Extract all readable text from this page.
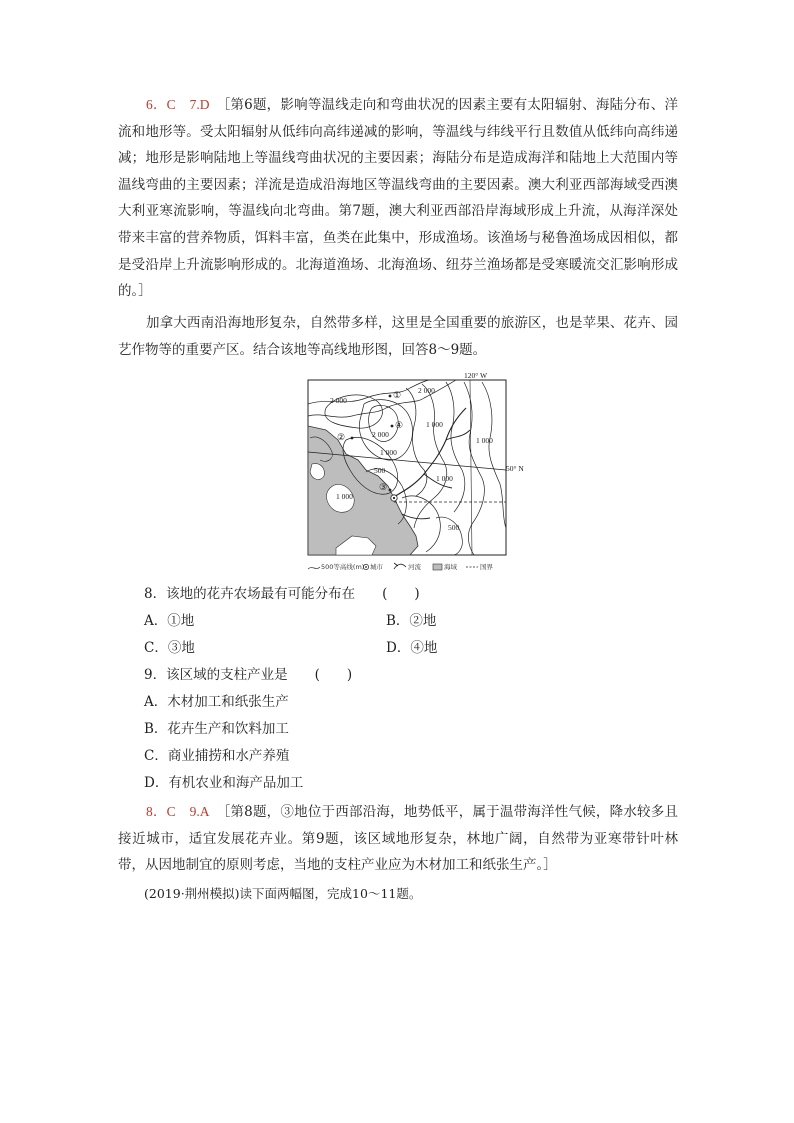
6．C　 7.D　 ［第6题，影响等温线走向和弯曲状况的因素主要有太阳辐射、海陆分布、洋流和地形等。受太阳辐射从低纬向高纬递减的影响，等温线与纬线平行且数值从低纬向高纬递减；地形是影响陆地上等温线弯曲状况的主要因素；海陆分布是造成海洋和陆地上大范围内等温线弯曲的主要因素；洋流是造成沿海地区等温线弯曲的主要因素。澳大利亚西部海域受西澳大利亚寒流影响，等温线向北弯曲。第7题，澳大利亚西部沿岸海域形成上升流，从海洋深处带来丰富的营养物质，饵料丰富，鱼类在此集中，形成渔场。该渔场与秘鲁渔场成因相似，都是受沿岸上升流影响形成的。北海道渔场、北海渔场、纽芬兰渔场都是受寒暖流交汇影响形成的。］

加拿大西南沿海地形复杂，自然带多样，这里是全国重要的旅游区，也是苹果、花卉、园艺作物等的重要产区。结合该地等高线地形图，回答8～9题。

120° W
50° N
2 000
2 000
2 000
1 000
1 000
1 000
500
1 000
1 000
500
①
②
③
④
500等高线(m) 城市	河流	海域	国界

8．该地的花卉农场最有可能分布在　　(　　)

A．①地	B．②地

C．③地	D．④地

9．该区域的支柱产业是　　(　　)

A．木材加工和纸张生产

B．花卉生产和饮料加工

C．商业捕捞和水产养殖

D．有机农业和海产品加工

8．C　 9.A　 ［第8题，③地位于西部沿海，地势低平，属于温带海洋性气候，降水较多且接近城市，适宜发展花卉业。第9题，该区域地形复杂，林地广阔，自然带为亚寒带针叶林带，从因地制宜的原则考虑，当地的支柱产业应为木材加工和纸张生产。］

(2019·荆州模拟)读下面两幅图，完成10～11题。
